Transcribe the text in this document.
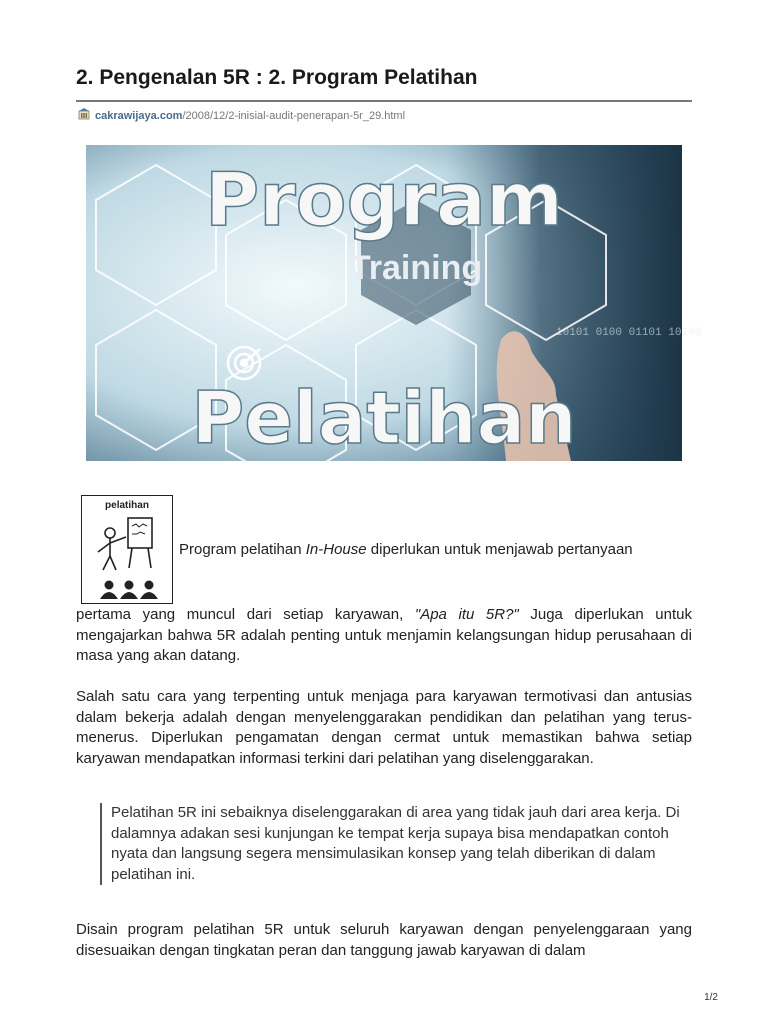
2. Pengenalan 5R : 2. Program Pelatihan
cakrawijaya.com/2008/12/2-inisial-audit-penerapan-5r_29.html
10101 0100 01101 10100
Program
Training
Pelatihan
pelatihan

Program pelatihan In-House diperlukan untuk menjawab pertanyaan

pertama yang muncul dari setiap karyawan, "Apa itu 5R?" Juga diperlukan untuk mengajarkan bahwa 5R adalah penting untuk menjamin kelangsungan hidup perusahaan di masa yang akan datang.

Salah satu cara yang terpenting untuk menjaga para karyawan termotivasi dan antusias dalam bekerja adalah dengan menyelenggarakan pendidikan dan pelatihan yang terus-menerus. Diperlukan pengamatan dengan cermat untuk memastikan bahwa setiap karyawan mendapatkan informasi terkini dari pelatihan yang diselenggarakan.

Pelatihan 5R ini sebaiknya diselenggarakan di area yang tidak jauh dari area kerja. Di dalamnya adakan sesi kunjungan ke tempat kerja supaya bisa mendapatkan contoh nyata dan langsung segera mensimulasikan konsep yang telah diberikan di dalam pelatihan ini.

Disain program pelatihan 5R untuk seluruh karyawan dengan penyelenggaraan yang disesuaikan dengan tingkatan peran dan tanggung jawab karyawan di dalam

1/2
